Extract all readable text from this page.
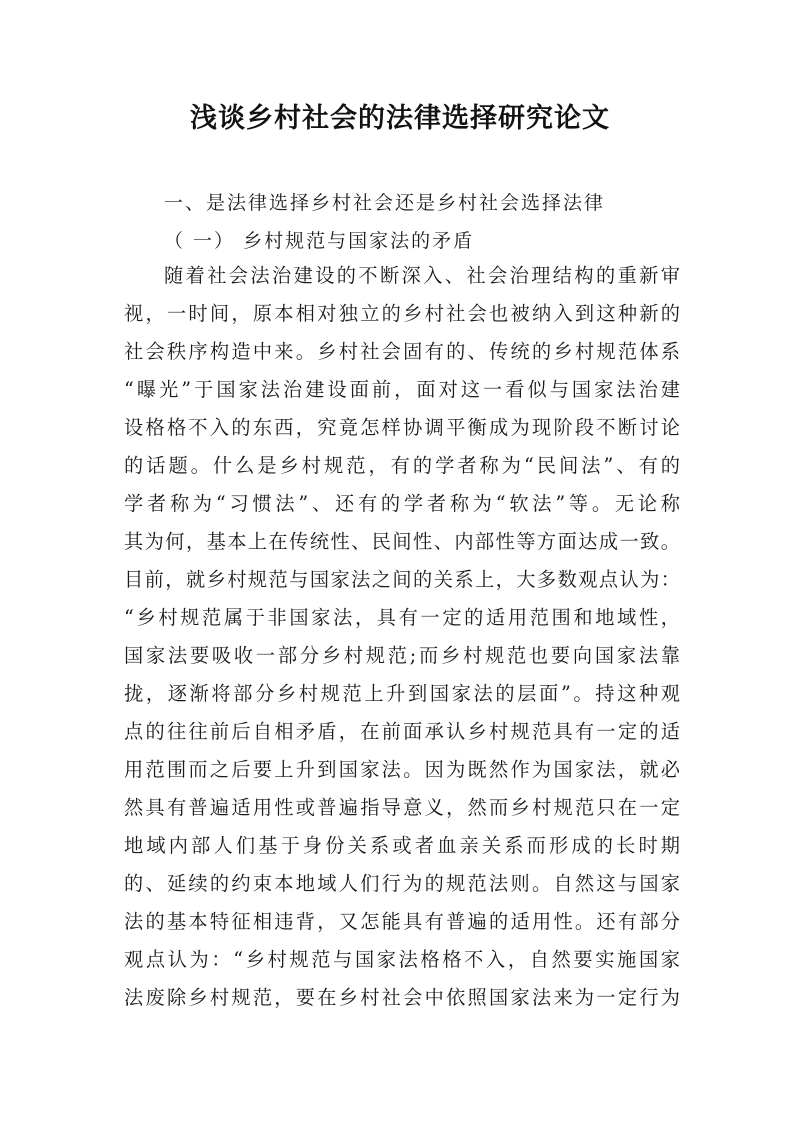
浅谈乡村社会的法律选择研究论文

一、是法律选择乡村社会还是乡村社会选择法律

（ 一） 乡村规范与国家法的矛盾

随着社会法治建设的不断深入、社会治理结构的重新审

视，一时间，原本相对独立的乡村社会也被纳入到这种新的

社会秩序构造中来。乡村社会固有的、传统的乡村规范体系

“曝光”于国家法治建设面前，面对这一看似与国家法治建

设格格不入的东西，究竟怎样协调平衡成为现阶段不断讨论

的话题。什么是乡村规范，有的学者称为“民间法”、有的

学者称为“习惯法”、还有的学者称为“软法”等。无论称

其为何，基本上在传统性、民间性、内部性等方面达成一致。

目前，就乡村规范与国家法之间的关系上，大多数观点认为：

“乡村规范属于非国家法，具有一定的适用范围和地域性，

国家法要吸收一部分乡村规范;而乡村规范也要向国家法靠

拢，逐渐将部分乡村规范上升到国家法的层面”。持这种观

点的往往前后自相矛盾，在前面承认乡村规范具有一定的适

用范围而之后要上升到国家法。因为既然作为国家法，就必

然具有普遍适用性或普遍指导意义，然而乡村规范只在一定

地域内部人们基于身份关系或者血亲关系而形成的长时期

的、延续的约束本地域人们行为的规范法则。自然这与国家

法的基本特征相违背，又怎能具有普遍的适用性。还有部分

观点认为：“乡村规范与国家法格格不入，自然要实施国家

法废除乡村规范，要在乡村社会中依照国家法来为一定行为
